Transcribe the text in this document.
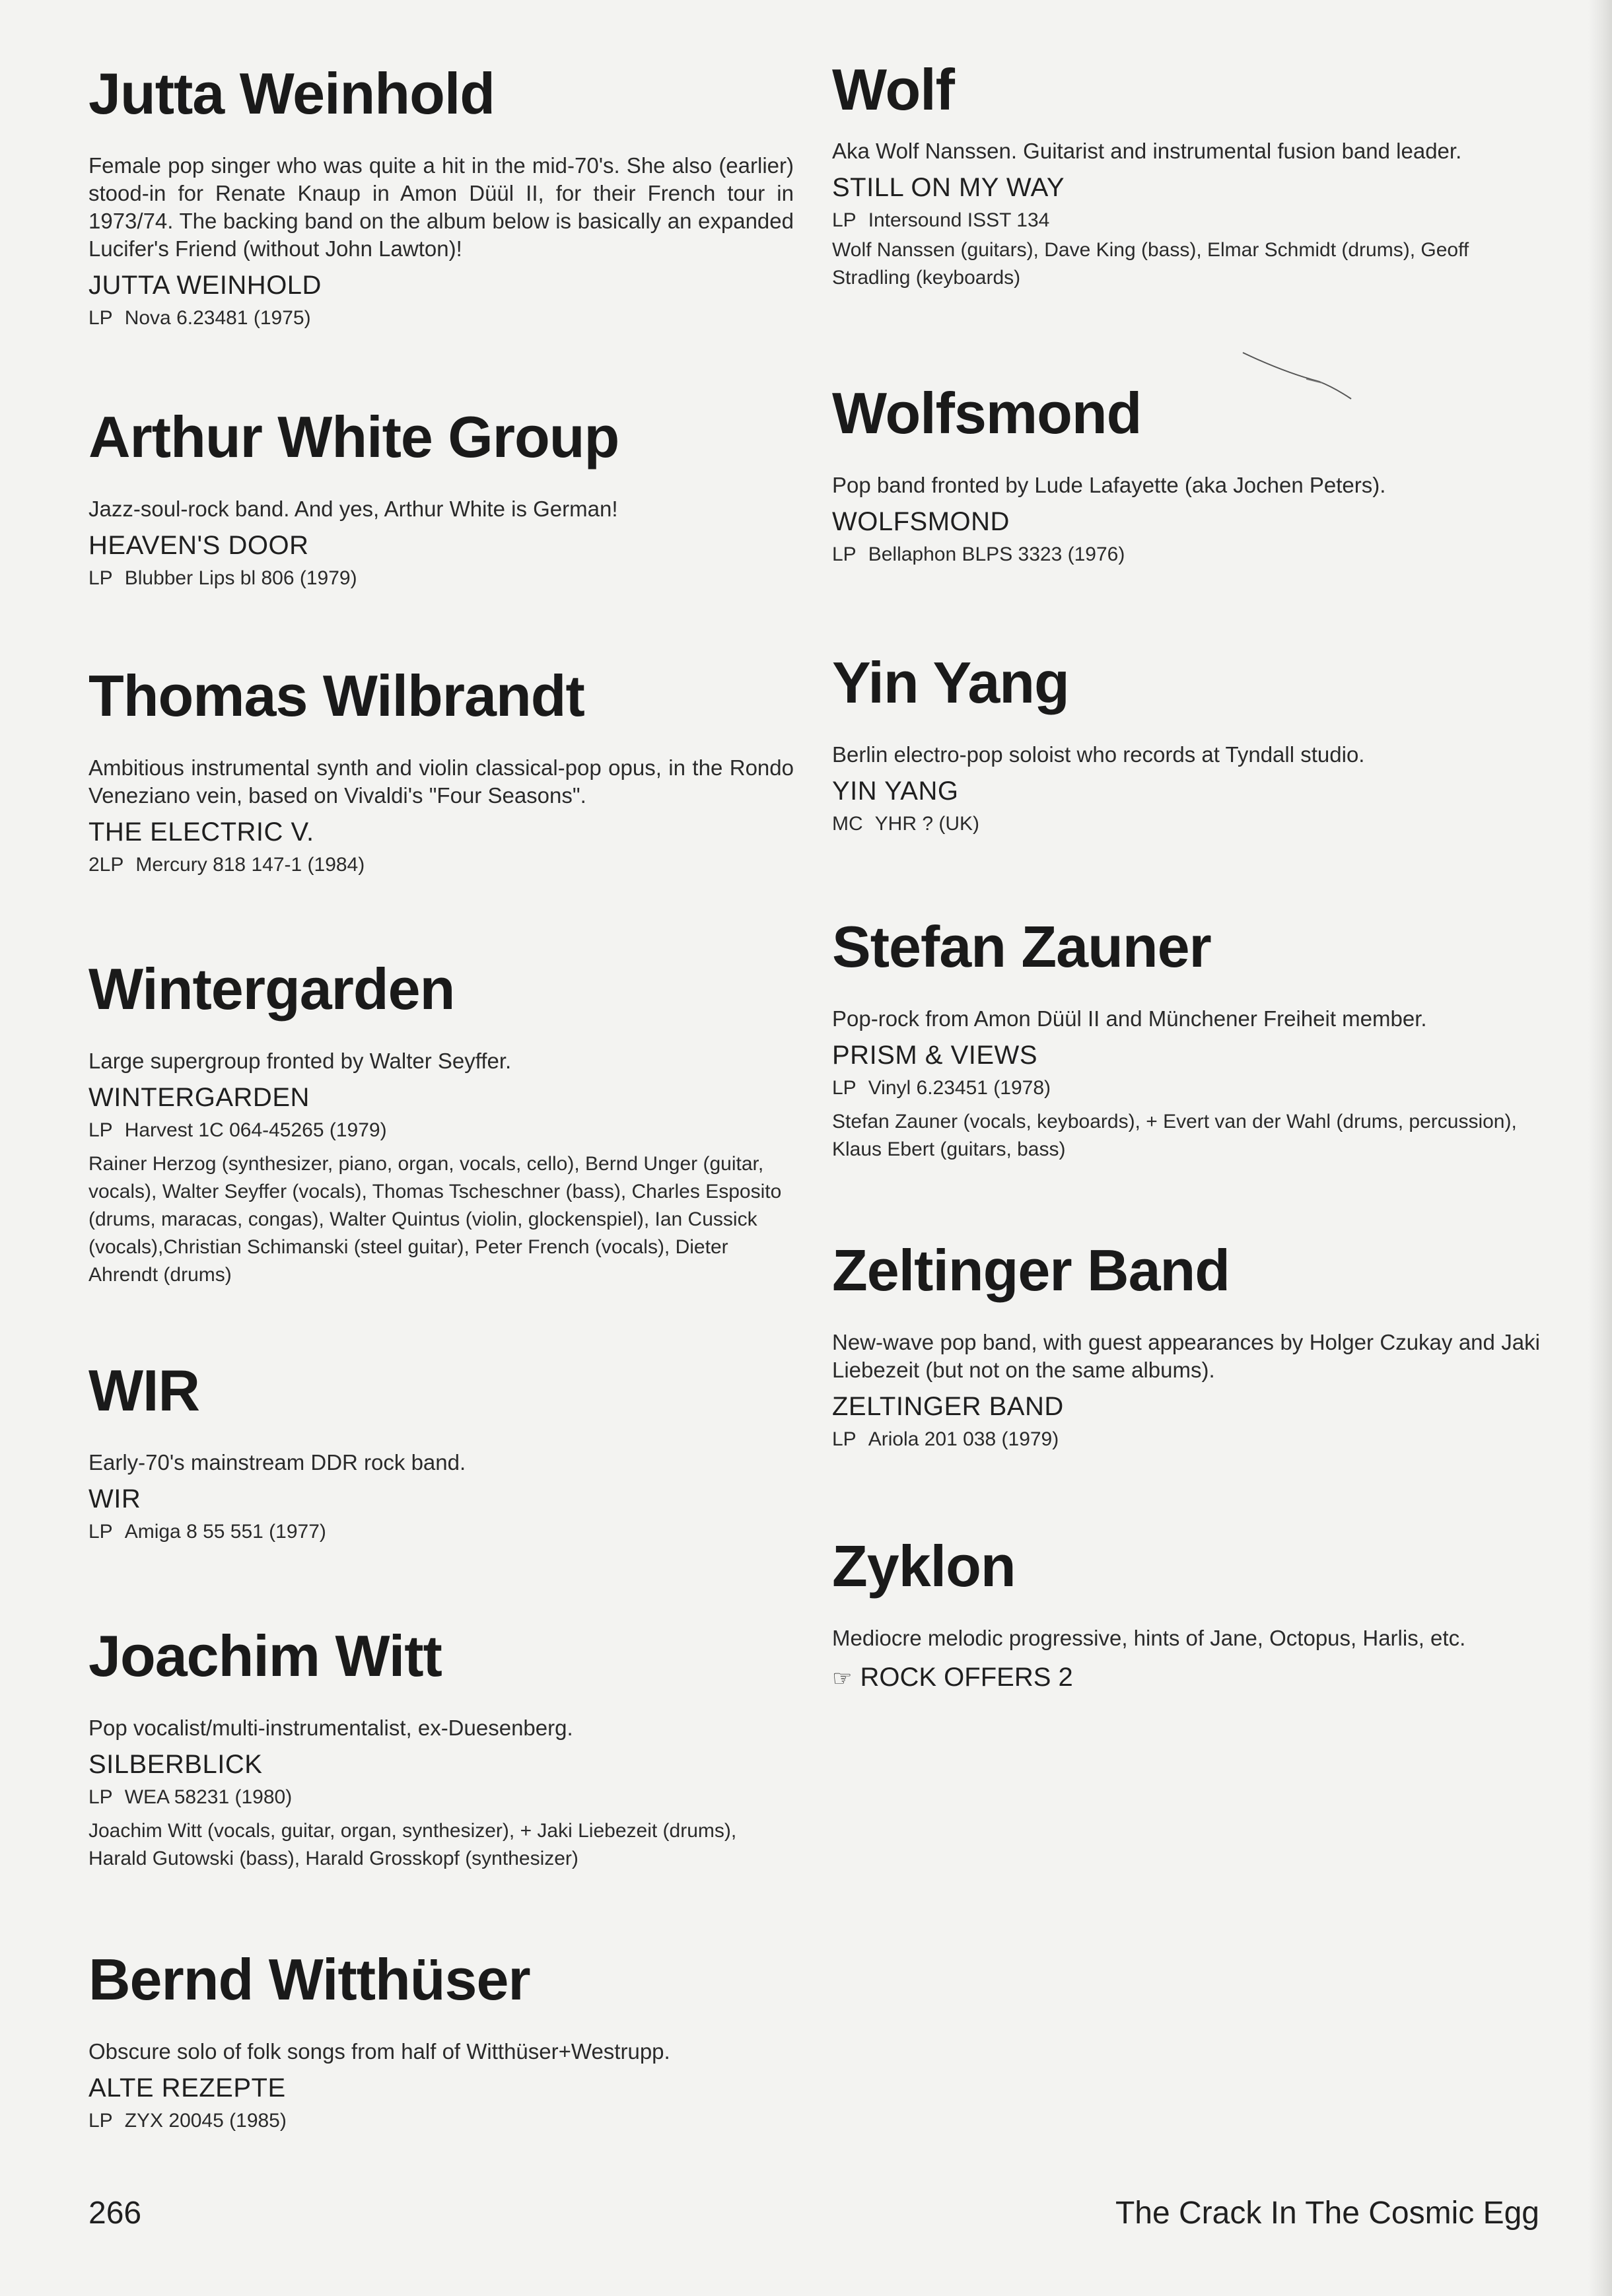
Jutta Weinhold

Female pop singer who was quite a hit in the mid-70's. She also (earlier) stood-in for Renate Knaup in Amon Düül II, for their French tour in 1973/74. The backing band on the album below is basically an expanded Lucifer's Friend (without John Lawton)!

JUTTA WEINHOLD

LP Nova 6.23481 (1975)

Arthur White Group

Jazz-soul-rock band. And yes, Arthur White is German!

HEAVEN'S DOOR

LP Blubber Lips bl 806 (1979)

Thomas Wilbrandt

Ambitious instrumental synth and violin classical-pop opus, in the Rondo Veneziano vein, based on Vivaldi's "Four Seasons".

THE ELECTRIC V.

2LP Mercury 818 147-1 (1984)

Wintergarden

Large supergroup fronted by Walter Seyffer.

WINTERGARDEN

LP Harvest 1C 064-45265 (1979)

Rainer Herzog (synthesizer, piano, organ, vocals, cello), Bernd Unger (guitar, vocals), Walter Seyffer (vocals), Thomas Tscheschner (bass), Charles Esposito (drums, maracas, congas), Walter Quintus (violin, glockenspiel), Ian Cussick (vocals),Christian Schimanski (steel guitar), Peter French (vocals), Dieter Ahrendt (drums)

WIR

Early-70's mainstream DDR rock band.

WIR

LP Amiga 8 55 551 (1977)

Joachim Witt

Pop vocalist/multi-instrumentalist, ex-Duesenberg.

SILBERBLICK

LP WEA 58231 (1980)

Joachim Witt (vocals, guitar, organ, synthesizer), + Jaki Liebezeit (drums), Harald Gutowski (bass), Harald Grosskopf (synthesizer)

Bernd Witthüser

Obscure solo of folk songs from half of Witthüser+Westrupp.

ALTE REZEPTE

LP ZYX 20045 (1985)

Wolf

Aka Wolf Nanssen. Guitarist and instrumental fusion band leader.

STILL ON MY WAY

LP Intersound ISST 134

Wolf Nanssen (guitars), Dave King (bass), Elmar Schmidt (drums), Geoff Stradling (keyboards)

Wolfsmond

Pop band fronted by Lude Lafayette (aka Jochen Peters).

WOLFSMOND

LP Bellaphon BLPS 3323 (1976)

Yin Yang

Berlin electro-pop soloist who records at Tyndall studio.

YIN YANG

MC YHR ? (UK)

Stefan Zauner

Pop-rock from Amon Düül II and Münchener Freiheit member.

PRISM & VIEWS

LP Vinyl 6.23451 (1978)

Stefan Zauner (vocals, keyboards), + Evert van der Wahl (drums, percussion), Klaus Ebert (guitars, bass)

Zeltinger Band

New-wave pop band, with guest appearances by Holger Czukay and Jaki Liebezeit (but not on the same albums).

ZELTINGER BAND

LP Ariola 201 038 (1979)

Zyklon

Mediocre melodic progressive, hints of Jane, Octopus, Harlis, etc.

☞ ROCK OFFERS 2

266	The Crack In The Cosmic Egg
